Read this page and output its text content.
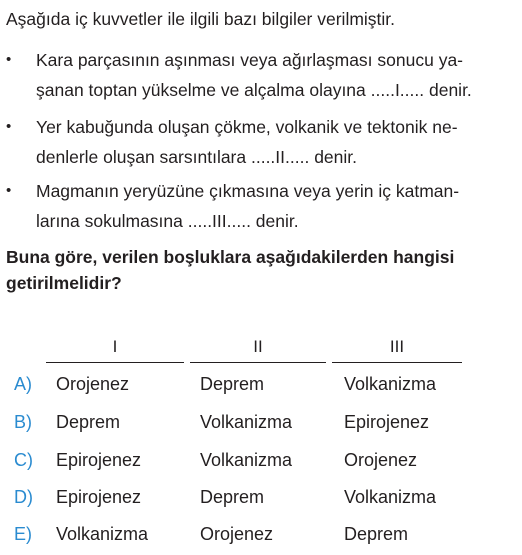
Aşağıda iç kuvvetler ile ilgili bazı bilgiler verilmiştir.
•	Kara parçasının aşınması veya ağırlaşması sonucu ya-
şanan toptan yükselme ve alçalma olayına .....I..... denir.
•	Yer kabuğunda oluşan çökme, volkanik ve tektonik ne-
denlerle oluşan sarsıntılara .....II..... denir.
•	Magmanın yeryüzüne çıkmasına veya yerin iç katman-
larına sokulmasına .....III..... denir.
Buna göre, verilen boşluklara aşağıdakilerden hangisi
getirilmelidir?
I	II	III
A) Orojenez	Deprem	Volkanizma
B) Deprem	Volkanizma	Epirojenez
C) Epirojenez	Volkanizma	Orojenez
D) Epirojenez	Deprem	Volkanizma
E) Volkanizma	Orojenez	Deprem
